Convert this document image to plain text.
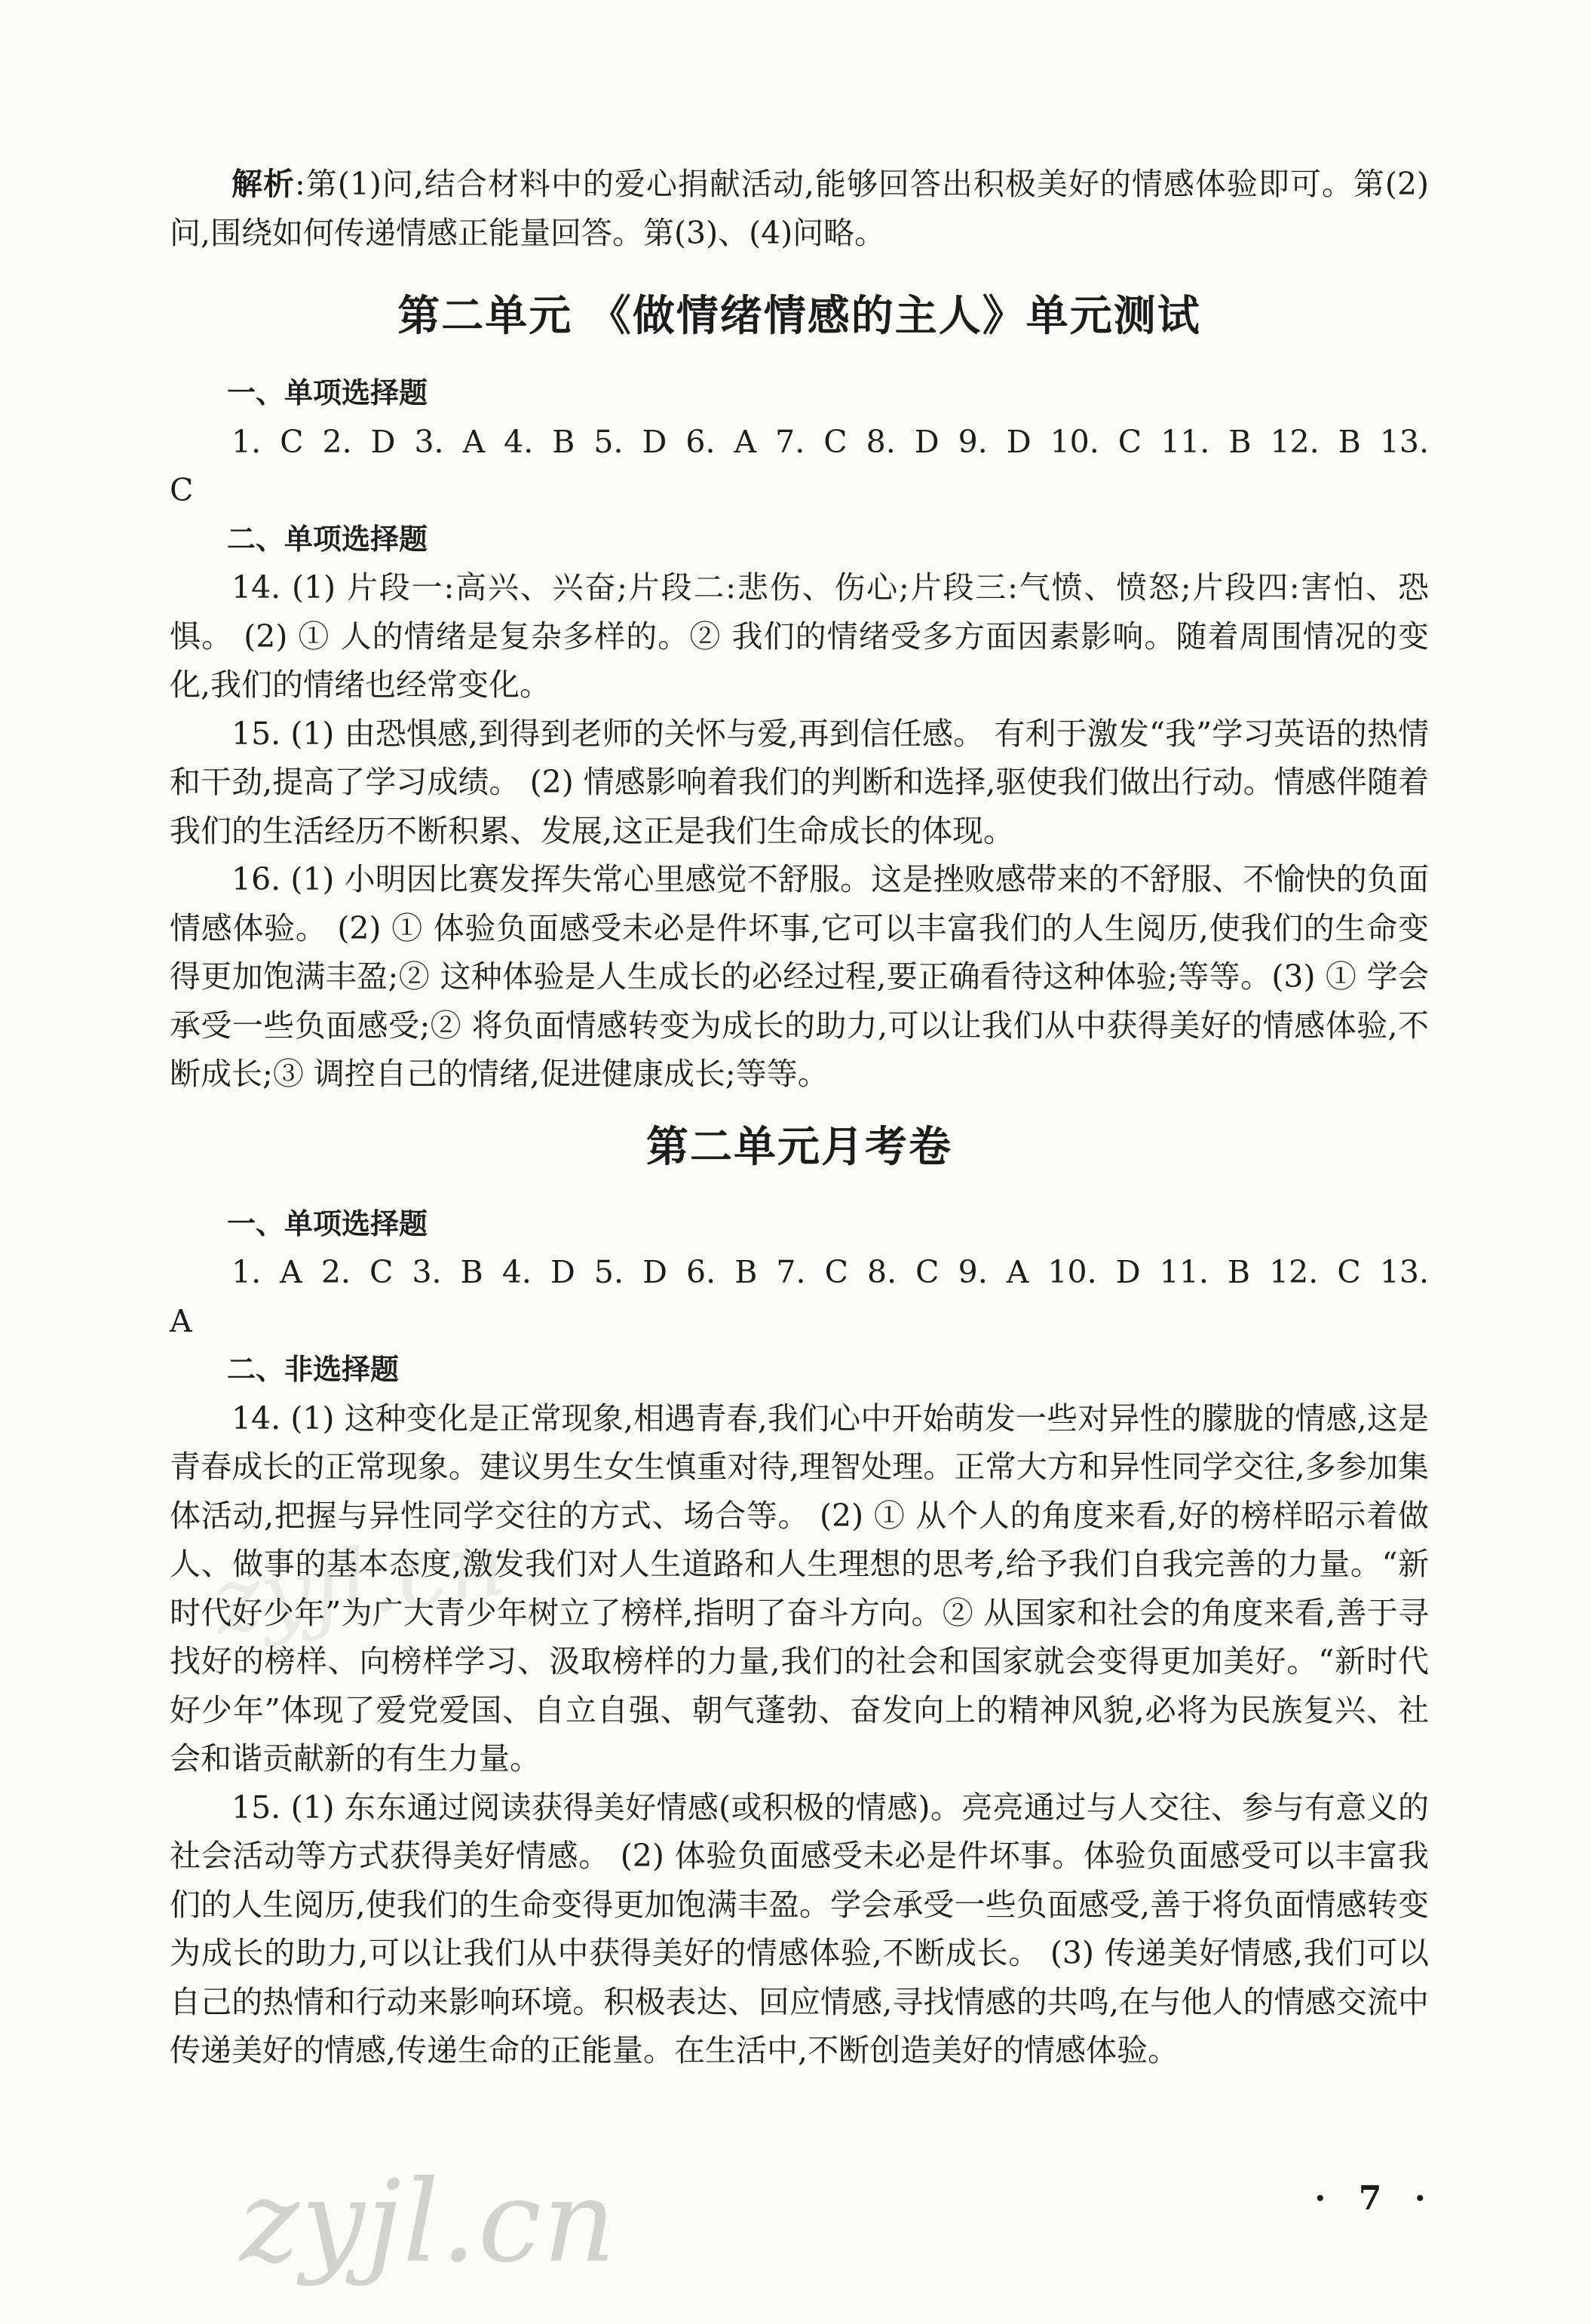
zyjl.cn

解析:第(1)问,结合材料中的爱心捐献活动,能够回答出积极美好的情感体验即可。第(2)问,围绕如何传递情感正能量回答。第(3)、(4)问略。

第二单元 《做情绪情感的主人》单元测试

一、单项选择题

1. C 2. D 3. A 4. B 5. D 6. A 7. C 8. D 9. D 10. C 11. B 12. B 13. C

二、单项选择题

14. (1) 片段一:高兴、兴奋;片段二:悲伤、伤心;片段三:气愤、愤怒;片段四:害怕、恐惧。 (2) ① 人的情绪是复杂多样的。② 我们的情绪受多方面因素影响。随着周围情况的变化,我们的情绪也经常变化。

15. (1) 由恐惧感,到得到老师的关怀与爱,再到信任感。 有利于激发“我”学习英语的热情和干劲,提高了学习成绩。 (2) 情感影响着我们的判断和选择,驱使我们做出行动。情感伴随着我们的生活经历不断积累、发展,这正是我们生命成长的体现。

16. (1) 小明因比赛发挥失常心里感觉不舒服。这是挫败感带来的不舒服、不愉快的负面情感体验。 (2) ① 体验负面感受未必是件坏事,它可以丰富我们的人生阅历,使我们的生命变得更加饱满丰盈;② 这种体验是人生成长的必经过程,要正确看待这种体验;等等。(3) ① 学会承受一些负面感受;② 将负面情感转变为成长的助力,可以让我们从中获得美好的情感体验,不断成长;③ 调控自己的情绪,促进健康成长;等等。

第二单元月考卷

一、单项选择题

1. A 2. C 3. B 4. D 5. D 6. B 7. C 8. C 9. A 10. D 11. B 12. C 13. A

二、非选择题

14. (1) 这种变化是正常现象,相遇青春,我们心中开始萌发一些对异性的朦胧的情感,这是青春成长的正常现象。建议男生女生慎重对待,理智处理。正常大方和异性同学交往,多参加集体活动,把握与异性同学交往的方式、场合等。 (2) ① 从个人的角度来看,好的榜样昭示着做人、做事的基本态度,激发我们对人生道路和人生理想的思考,给予我们自我完善的力量。“新时代好少年”为广大青少年树立了榜样,指明了奋斗方向。② 从国家和社会的角度来看,善于寻找好的榜样、向榜样学习、汲取榜样的力量,我们的社会和国家就会变得更加美好。“新时代好少年”体现了爱党爱国、自立自强、朝气蓬勃、奋发向上的精神风貌,必将为民族复兴、社会和谐贡献新的有生力量。

15. (1) 东东通过阅读获得美好情感(或积极的情感)。亮亮通过与人交往、参与有意义的社会活动等方式获得美好情感。 (2) 体验负面感受未必是件坏事。体验负面感受可以丰富我们的人生阅历,使我们的生命变得更加饱满丰盈。学会承受一些负面感受,善于将负面情感转变为成长的助力,可以让我们从中获得美好的情感体验,不断成长。 (3) 传递美好情感,我们可以自己的热情和行动来影响环境。积极表达、回应情感,寻找情感的共鸣,在与他人的情感交流中传递美好的情感,传递生命的正能量。在生活中,不断创造美好的情感体验。

zyjl.cn	· 7 ·
